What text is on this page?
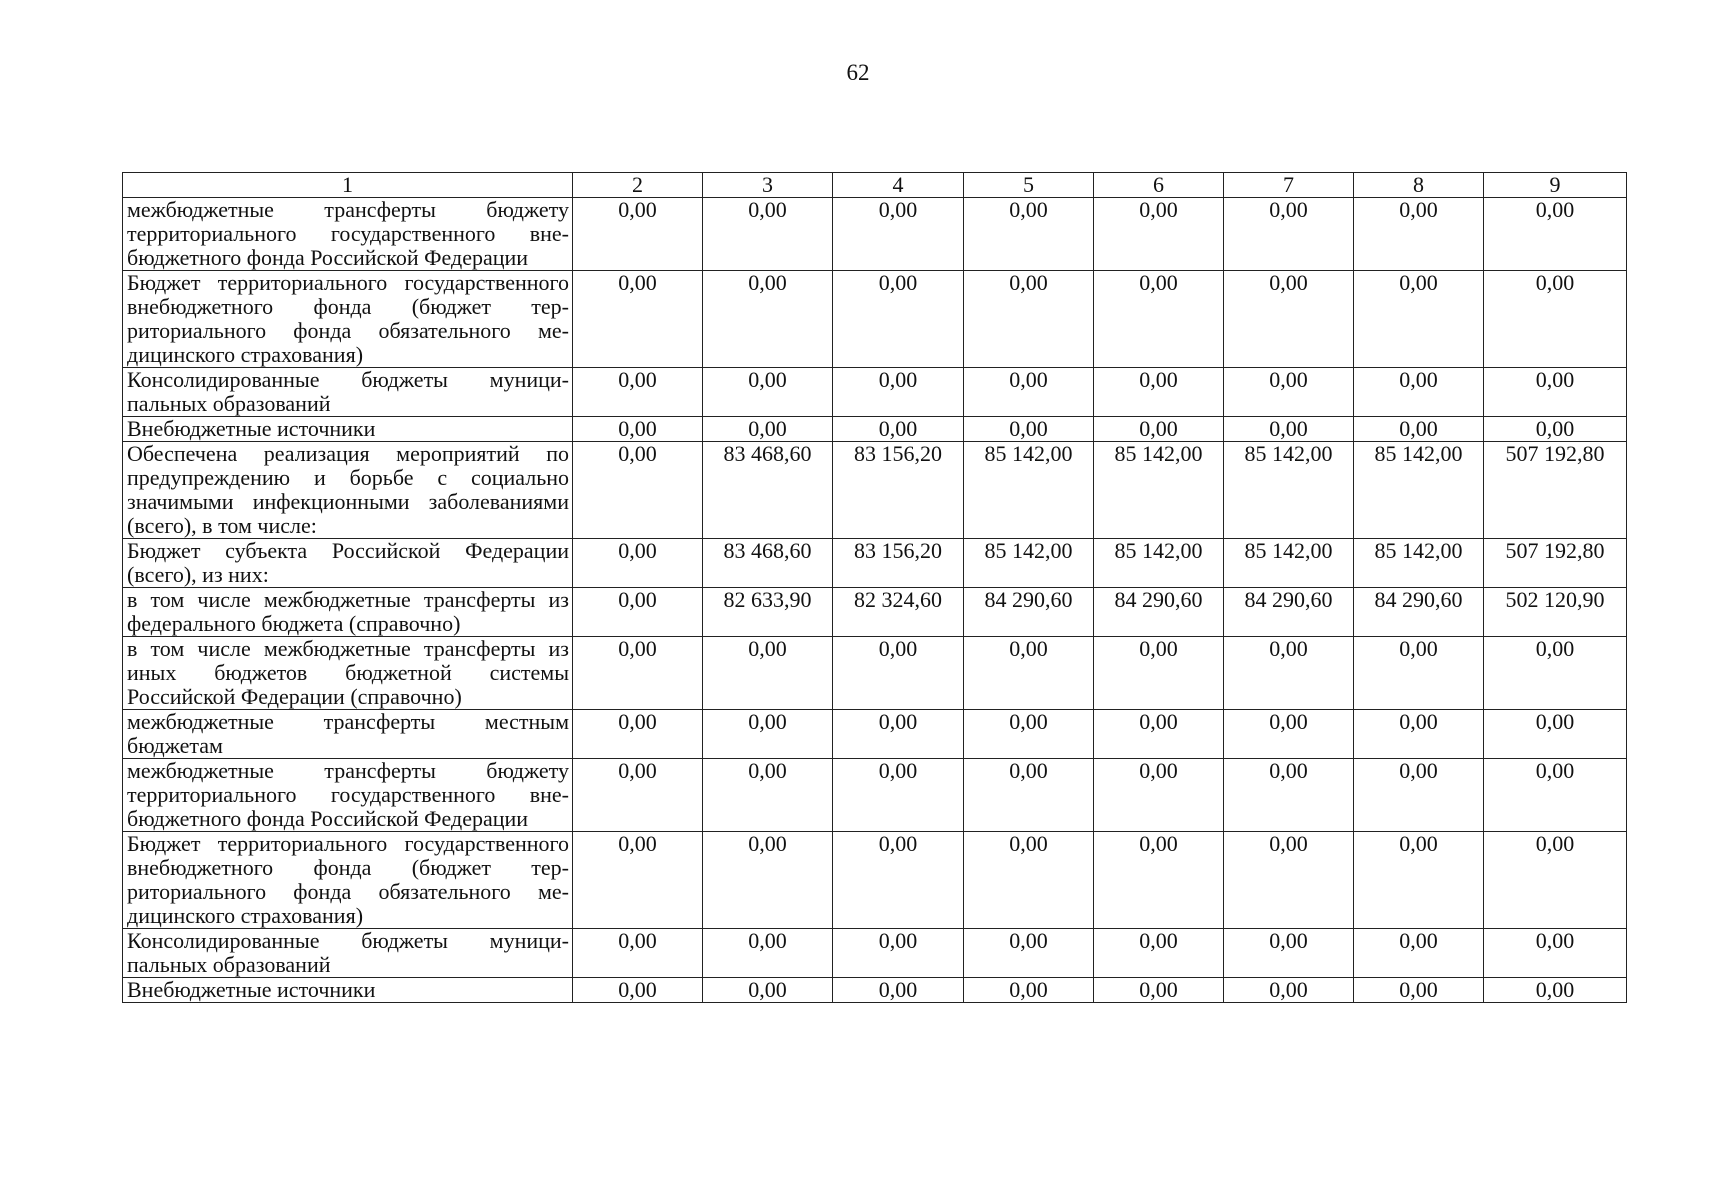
62
1	2	3	4	5	6	7	8	9
межбюджетные трансферты бюджету территориального государственного внебюджетного фонда Российской Федерации	0,00	0,00	0,00	0,00	0,00	0,00	0,00	0,00
Бюджет территориального государственного внебюджетного фонда (бюджет территориального фонда обязательного медицинского страхования)	0,00	0,00	0,00	0,00	0,00	0,00	0,00	0,00
Консолидированные бюджеты муниципальных образований	0,00	0,00	0,00	0,00	0,00	0,00	0,00	0,00
Внебюджетные источники	0,00	0,00	0,00	0,00	0,00	0,00	0,00	0,00
Обеспечена реализация мероприятий по предупреждению и борьбе с социально значимыми инфекционными заболеваниями (всего), в том числе:	0,00	83 468,60	83 156,20	85 142,00	85 142,00	85 142,00	85 142,00	507 192,80
Бюджет субъекта Российской Федерации (всего), из них:	0,00	83 468,60	83 156,20	85 142,00	85 142,00	85 142,00	85 142,00	507 192,80
в том числе межбюджетные трансферты из федерального бюджета (справочно)	0,00	82 633,90	82 324,60	84 290,60	84 290,60	84 290,60	84 290,60	502 120,90
в том числе межбюджетные трансферты из иных бюджетов бюджетной системы Российской Федерации (справочно)	0,00	0,00	0,00	0,00	0,00	0,00	0,00	0,00
межбюджетные трансферты местным бюджетам	0,00	0,00	0,00	0,00	0,00	0,00	0,00	0,00
межбюджетные трансферты бюджету территориального государственного внебюджетного фонда Российской Федерации	0,00	0,00	0,00	0,00	0,00	0,00	0,00	0,00
Бюджет территориального государственного внебюджетного фонда (бюджет территориального фонда обязательного медицинского страхования)	0,00	0,00	0,00	0,00	0,00	0,00	0,00	0,00
Консолидированные бюджеты муниципальных образований	0,00	0,00	0,00	0,00	0,00	0,00	0,00	0,00
Внебюджетные источники	0,00	0,00	0,00	0,00	0,00	0,00	0,00	0,00
